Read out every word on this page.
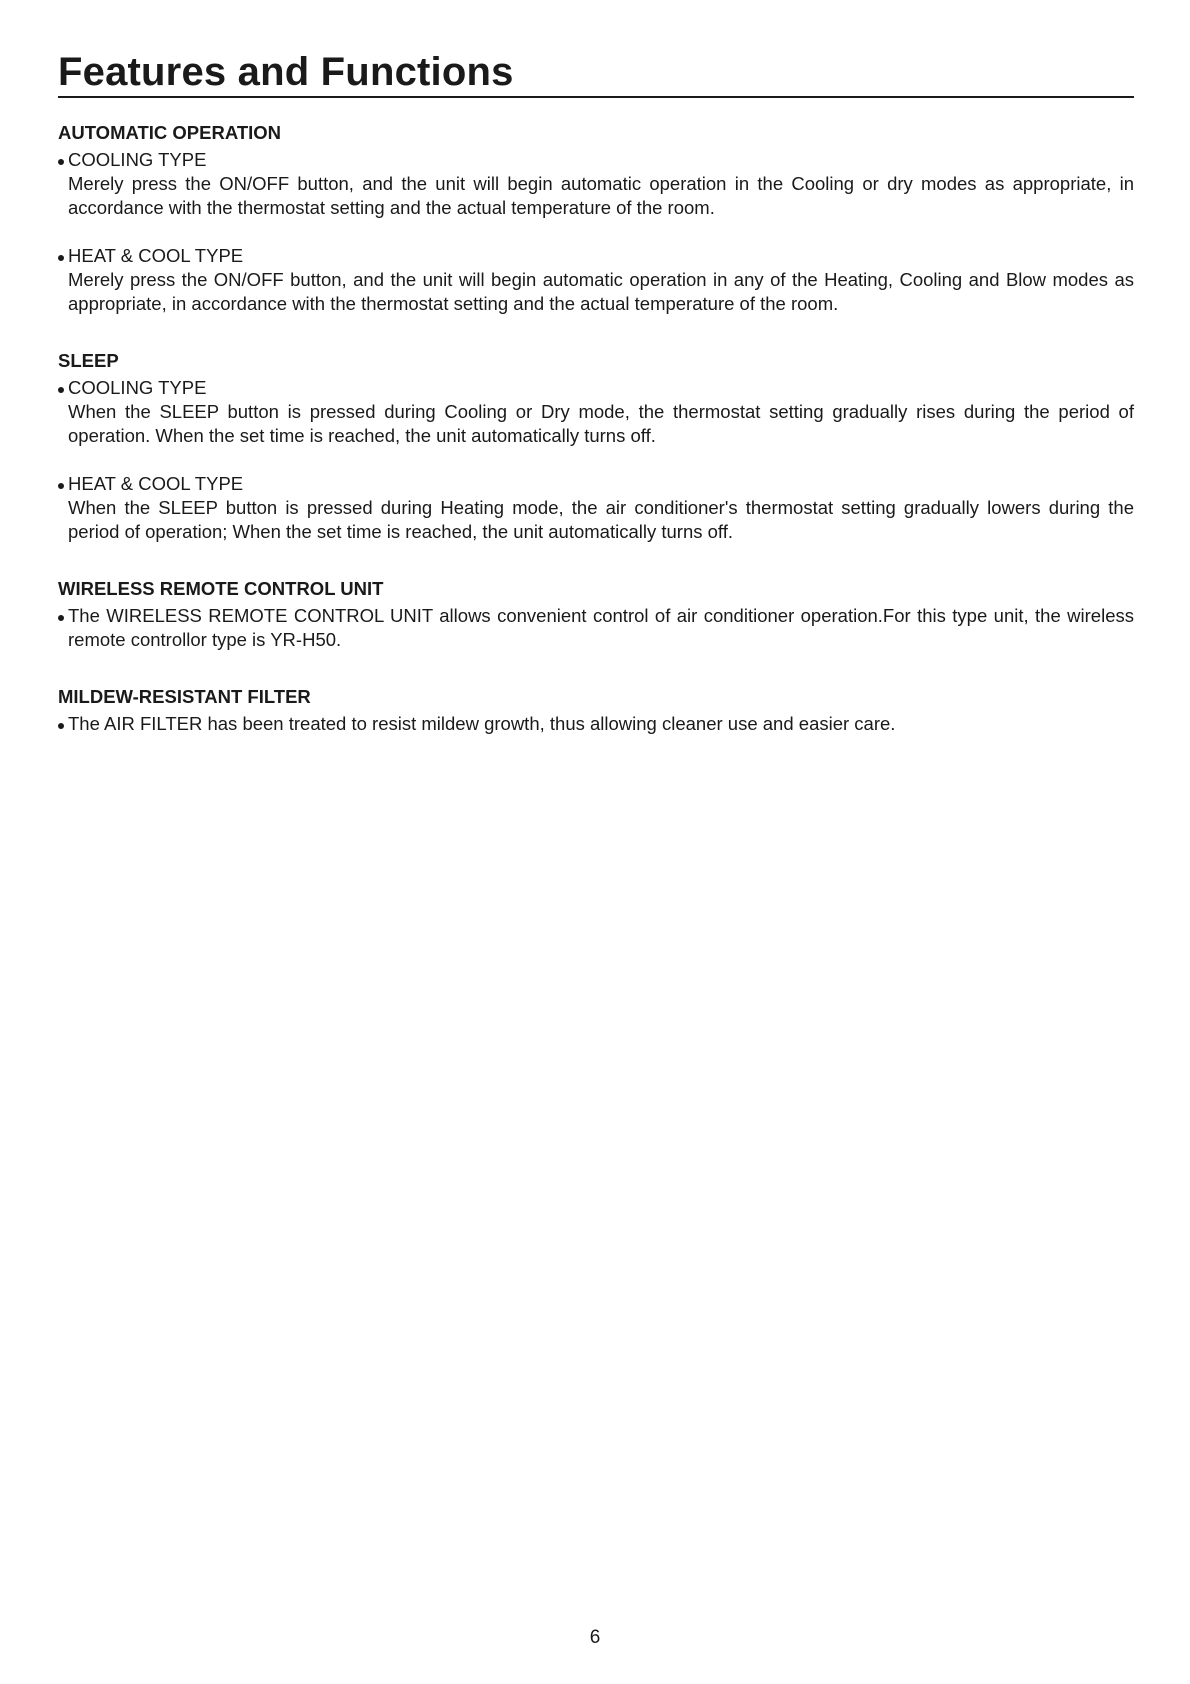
Features and Functions
AUTOMATIC OPERATION
COOLING TYPE

Merely press the ON/OFF button, and the unit will begin automatic operation in the Cooling or dry modes as appropriate, in accordance with the thermostat setting and the actual temperature of the room.

HEAT & COOL TYPE

Merely press the ON/OFF button, and the unit will begin automatic operation in any of the Heating, Cooling and Blow modes as appropriate, in accordance with the thermostat setting and the actual temperature of the room.

SLEEP
COOLING TYPE

When the SLEEP button is pressed during Cooling or Dry mode, the thermostat setting gradually rises during the period of operation. When the set time is reached, the unit automatically turns off.

HEAT & COOL TYPE

When the SLEEP button is pressed during Heating mode, the air conditioner's thermostat setting gradually lowers during the period of operation; When the set time is reached, the unit automatically turns off.

WIRELESS REMOTE CONTROL UNIT

The WIRELESS REMOTE CONTROL UNIT allows convenient control of air conditioner operation.For this type unit, the wireless remote controllor type is YR-H50.

MILDEW-RESISTANT FILTER

The AIR FILTER has been treated to resist mildew growth, thus allowing cleaner use and easier care.

6
